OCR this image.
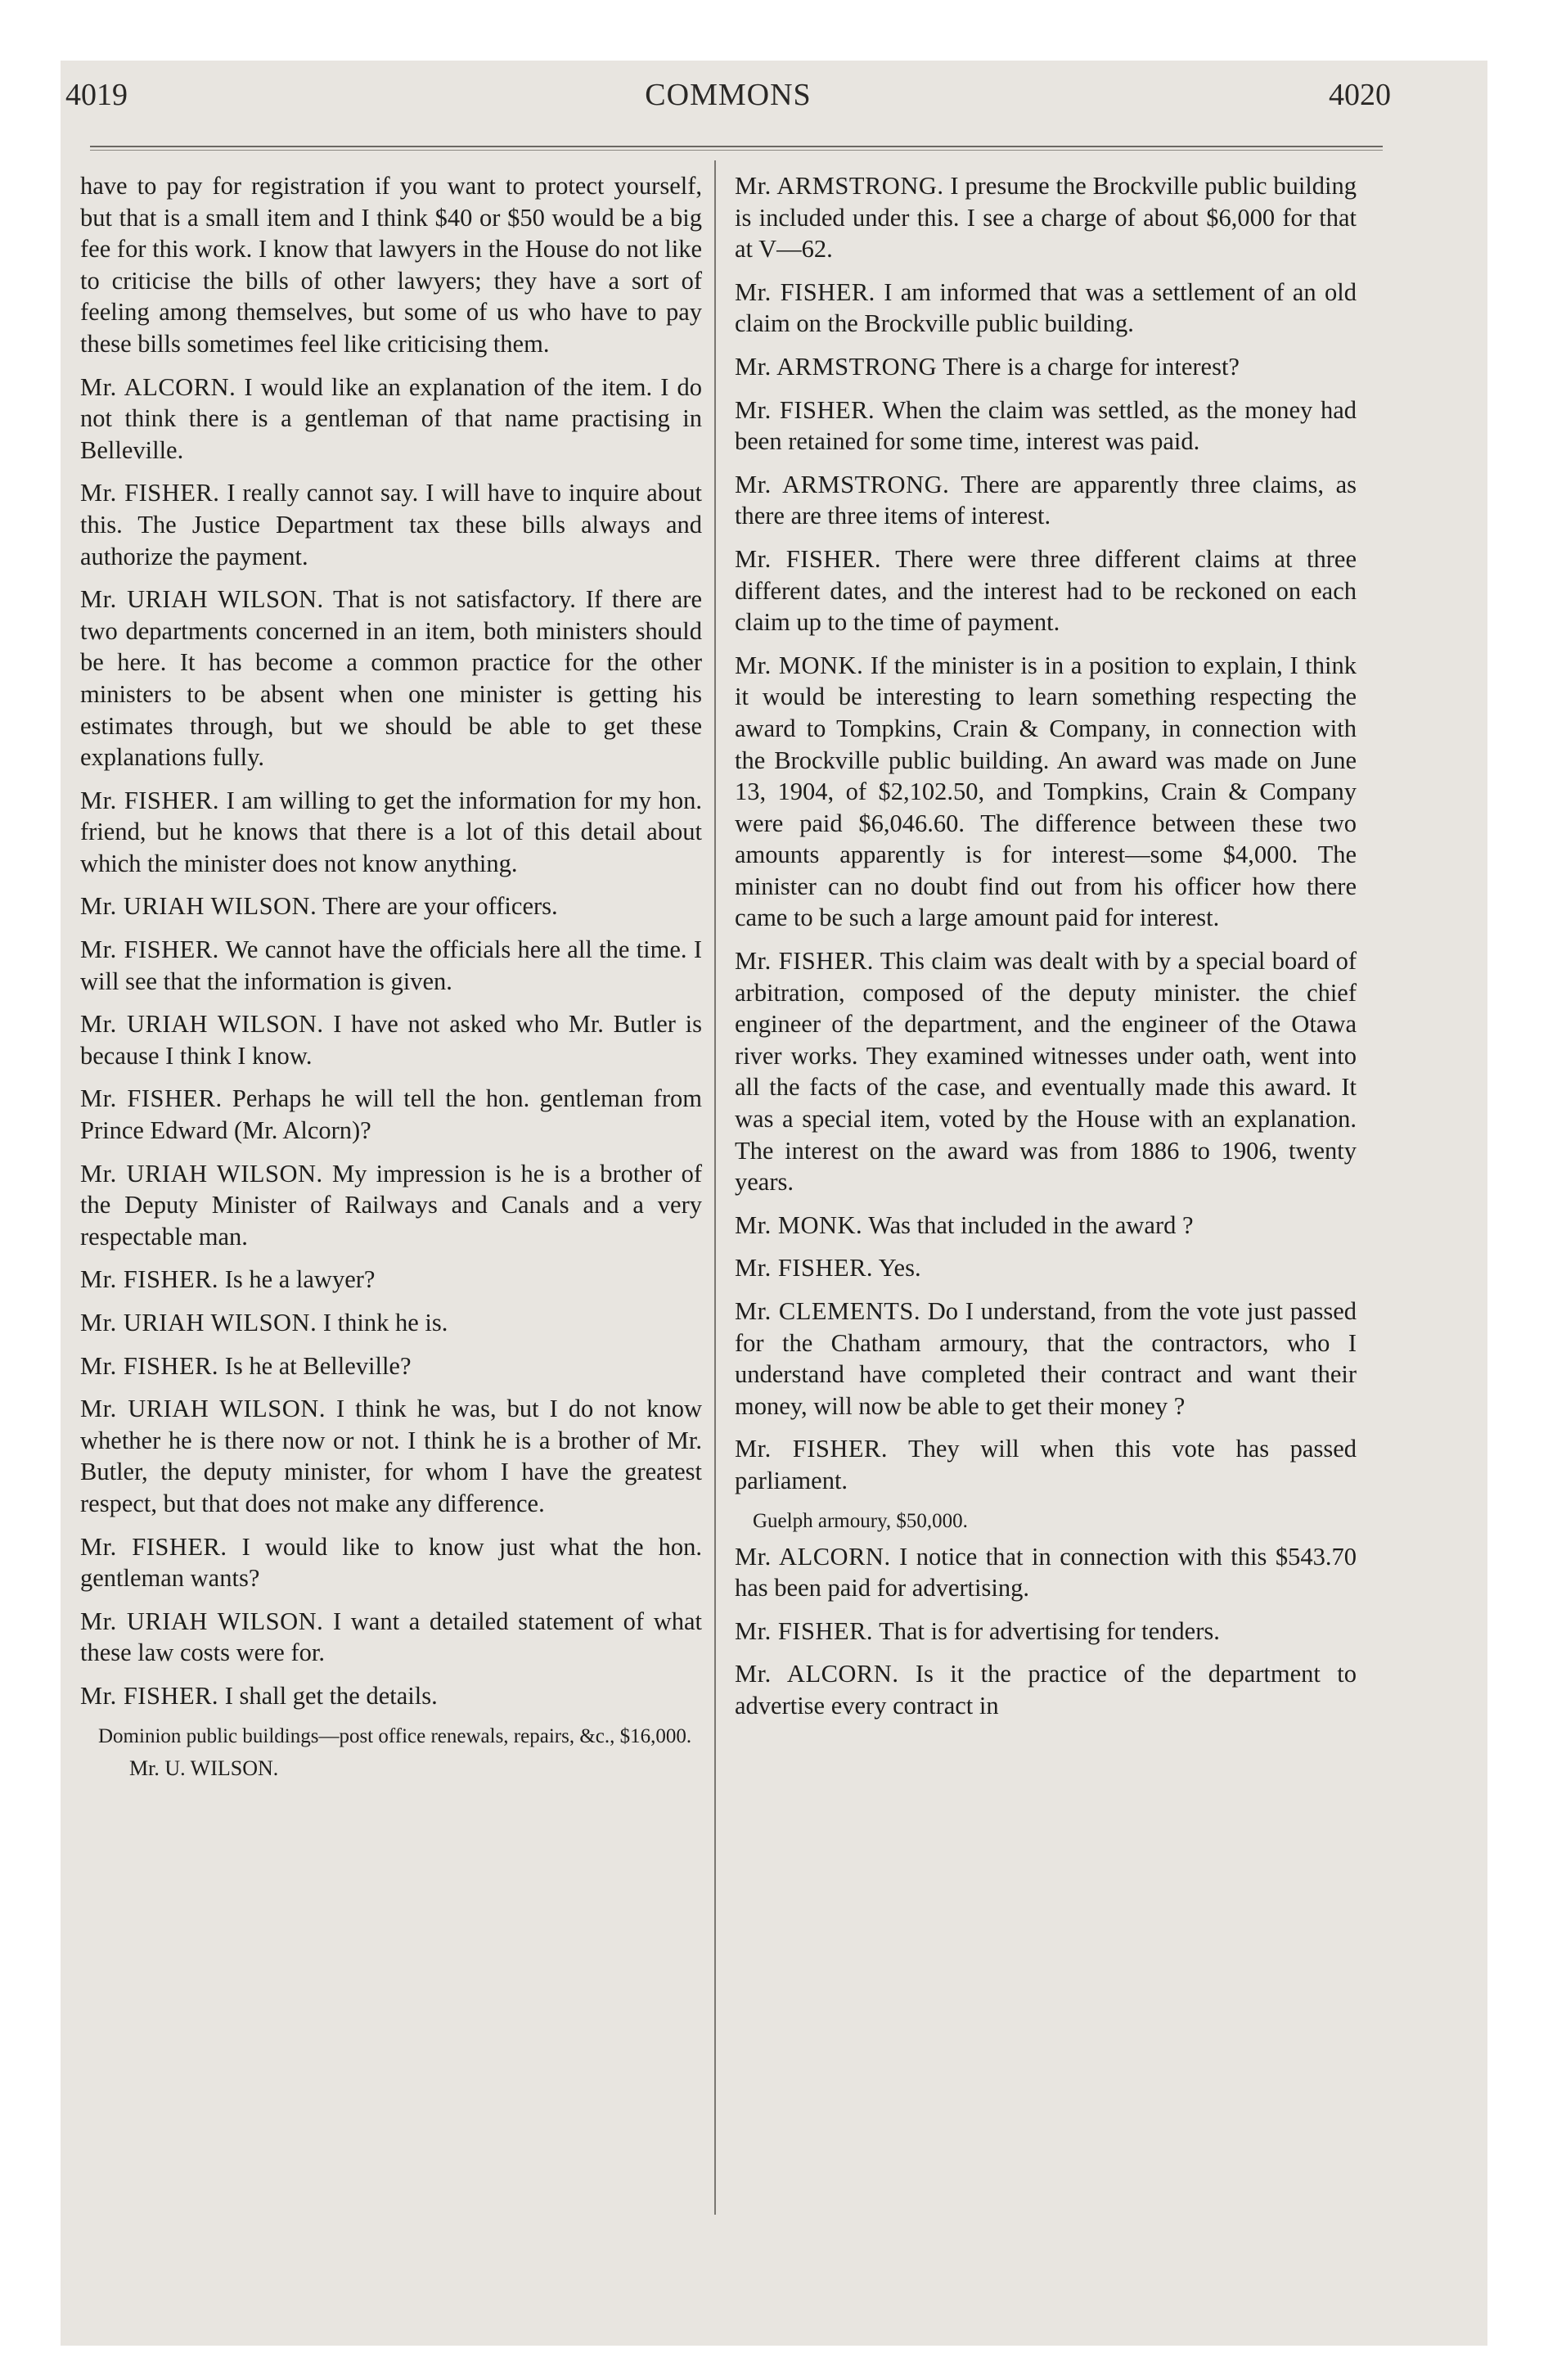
4019	COMMONS	4020

have to pay for registration if you want to protect yourself, but that is a small item and I think $40 or $50 would be a big fee for this work. I know that lawyers in the House do not like to criticise the bills of other lawyers; they have a sort of feeling among themselves, but some of us who have to pay these bills sometimes feel like criticising them.

Mr. ALCORN. I would like an explanation of the item. I do not think there is a gentleman of that name practising in Belleville.

Mr. FISHER. I really cannot say. I will have to inquire about this. The Justice Department tax these bills always and authorize the payment.

Mr. URIAH WILSON. That is not satisfactory. If there are two departments concerned in an item, both ministers should be here. It has become a common practice for the other ministers to be absent when one minister is getting his estimates through, but we should be able to get these explanations fully.

Mr. FISHER. I am willing to get the information for my hon. friend, but he knows that there is a lot of this detail about which the minister does not know anything.

Mr. URIAH WILSON. There are your officers.

Mr. FISHER. We cannot have the officials here all the time. I will see that the information is given.

Mr. URIAH WILSON. I have not asked who Mr. Butler is because I think I know.

Mr. FISHER. Perhaps he will tell the hon. gentleman from Prince Edward (Mr. Alcorn)?

Mr. URIAH WILSON. My impression is he is a brother of the Deputy Minister of Railways and Canals and a very respectable man.

Mr. FISHER. Is he a lawyer?

Mr. URIAH WILSON. I think he is.

Mr. FISHER. Is he at Belleville?

Mr. URIAH WILSON. I think he was, but I do not know whether he is there now or not. I think he is a brother of Mr. Butler, the deputy minister, for whom I have the greatest respect, but that does not make any difference.

Mr. FISHER. I would like to know just what the hon. gentleman wants?

Mr. URIAH WILSON. I want a detailed statement of what these law costs were for.

Mr. FISHER. I shall get the details.

Dominion public buildings—post office renewals, repairs, &c., $16,000.

Mr. U. WILSON.

Mr. ARMSTRONG. I presume the Brockville public building is included under this. I see a charge of about $6,000 for that at V—62.

Mr. FISHER. I am informed that was a settlement of an old claim on the Brockville public building.

Mr. ARMSTRONG There is a charge for interest?

Mr. FISHER. When the claim was settled, as the money had been retained for some time, interest was paid.

Mr. ARMSTRONG. There are apparently three claims, as there are three items of interest.

Mr. FISHER. There were three different claims at three different dates, and the interest had to be reckoned on each claim up to the time of payment.

Mr. MONK. If the minister is in a position to explain, I think it would be interesting to learn something respecting the award to Tompkins, Crain & Company, in connection with the Brockville public building. An award was made on June 13, 1904, of $2,102.50, and Tompkins, Crain & Company were paid $6,046.60. The difference between these two amounts apparently is for interest—some $4,000. The minister can no doubt find out from his officer how there came to be such a large amount paid for interest.

Mr. FISHER. This claim was dealt with by a special board of arbitration, composed of the deputy minister. the chief engineer of the department, and the engineer of the Otawa river works. They examined witnesses under oath, went into all the facts of the case, and eventually made this award. It was a special item, voted by the House with an explanation. The interest on the award was from 1886 to 1906, twenty years.

Mr. MONK. Was that included in the award ?

Mr. FISHER. Yes.

Mr. CLEMENTS. Do I understand, from the vote just passed for the Chatham armoury, that the contractors, who I understand have completed their contract and want their money, will now be able to get their money ?

Mr. FISHER. They will when this vote has passed parliament.

Guelph armoury, $50,000.

Mr. ALCORN. I notice that in connection with this $543.70 has been paid for advertising.

Mr. FISHER. That is for advertising for tenders.

Mr. ALCORN. Is it the practice of the department to advertise every contract in
